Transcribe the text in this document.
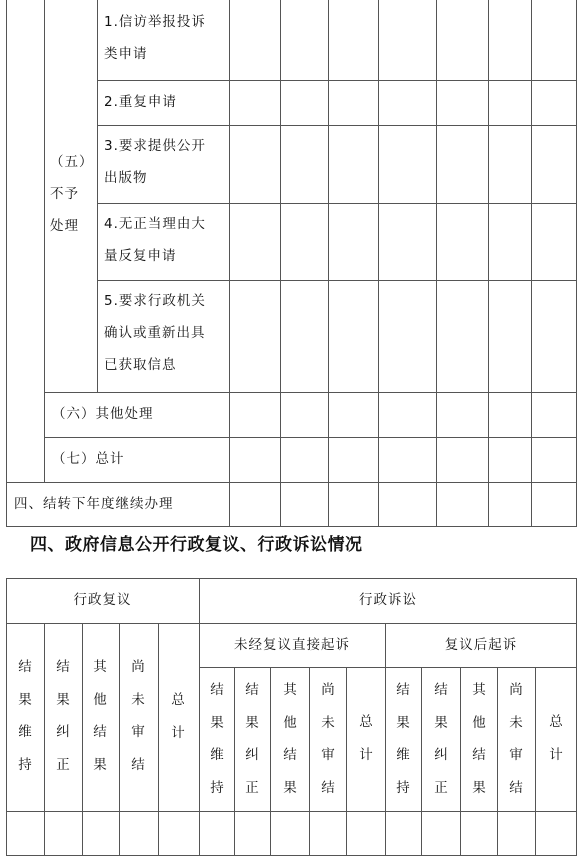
1.信访举报投诉
类申请
2.重复申请
3.要求提供公开
出版物
4.无正当理由大
量反复申请
5.要求行政机关
确认或重新出具
已获取信息
（五）
不予
处理
（六）其他处理
（七）总计
四、结转下年度继续办理
四、政府信息公开行政复议、行政诉讼情况
行政复议	行政诉讼
未经复议直接起诉	复议后起诉
结
果
维
持
结
果
纠
正
其
他
结
果
尚
未
审
结
总
计
结
果
维
持
结
果
纠
正
其
他
结
果
尚
未
审
结
总
计
结
果
维
持
结
果
纠
正
其
他
结
果
尚
未
审
结
总
计
